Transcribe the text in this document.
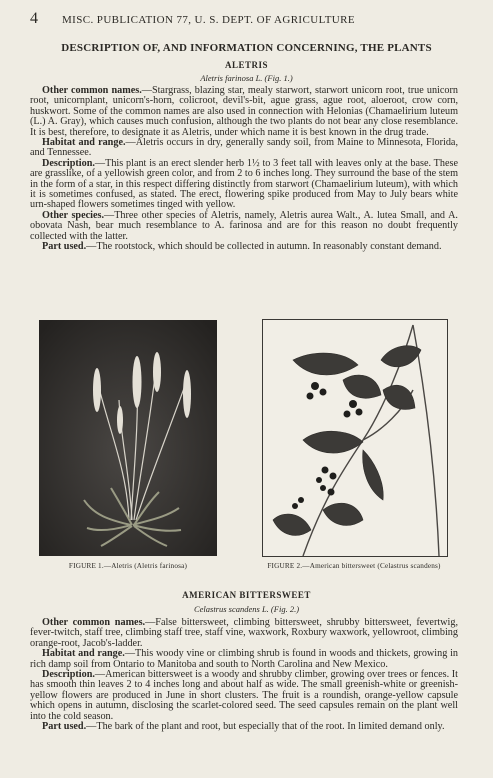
4 MISC. PUBLICATION 77, U. S. DEPT. OF AGRICULTURE
DESCRIPTION OF, AND INFORMATION CONCERNING, THE PLANTS
ALETRIS
Aletris farinosa L. (Fig. 1.)

Other common names.—Stargrass, blazing star, mealy starwort, starwort unicorn root, true unicorn root, unicornplant, unicorn's-horn, colicroot, devil's-bit, ague grass, ague root, aloeroot, crow corn, huskwort. Some of the common names are also used in connection with Helonias (Chamaelirium luteum (L.) A. Gray), which causes much confusion, although the two plants do not bear any close resemblance. It is best, therefore, to designate it as Aletris, under which name it is best known in the drug trade.

Habitat and range.—Aletris occurs in dry, generally sandy soil, from Maine to Minnesota, Florida, and Tennessee.

Description.—This plant is an erect slender herb 1½ to 3 feet tall with leaves only at the base. These are grasslike, of a yellowish green color, and from 2 to 6 inches long. They surround the base of the stem in the form of a star, in this respect differing distinctly from starwort (Chamaelirium luteum), with which it is sometimes confused, as stated. The erect, flowering spike produced from May to July bears white urn-shaped flowers sometimes tinged with yellow.

Other species.—Three other species of Aletris, namely, Aletris aurea Walt., A. lutea Small, and A. obovata Nash, bear much resemblance to A. farinosa and are for this reason no doubt frequently collected with the latter.

Part used.—The rootstock, which should be collected in autumn. In reasonably constant demand.

FIGURE 1.—Aletris (Aletris farinosa)	FIGURE 2.—American bittersweet (Celastrus scandens)
AMERICAN BITTERSWEET
Celastrus scandens L. (Fig. 2.)

Other common names.—False bittersweet, climbing bittersweet, shrubby bittersweet, fevertwig, fever-twitch, staff tree, climbing staff tree, staff vine, waxwork, Roxbury waxwork, yellowroot, climbing orange-root, Jacob's-ladder.

Habitat and range.—This woody vine or climbing shrub is found in woods and thickets, growing in rich damp soil from Ontario to Manitoba and south to North Carolina and New Mexico.

Description.—American bittersweet is a woody and shrubby climber, growing over trees or fences. It has smooth thin leaves 2 to 4 inches long and about half as wide. The small greenish-white or greenish-yellow flowers are produced in June in short clusters. The fruit is a roundish, orange-yellow capsule which opens in autumn, disclosing the scarlet-colored seed. The seed capsules remain on the plant well into the cold season.

Part used.—The bark of the plant and root, but especially that of the root. In limited demand only.
